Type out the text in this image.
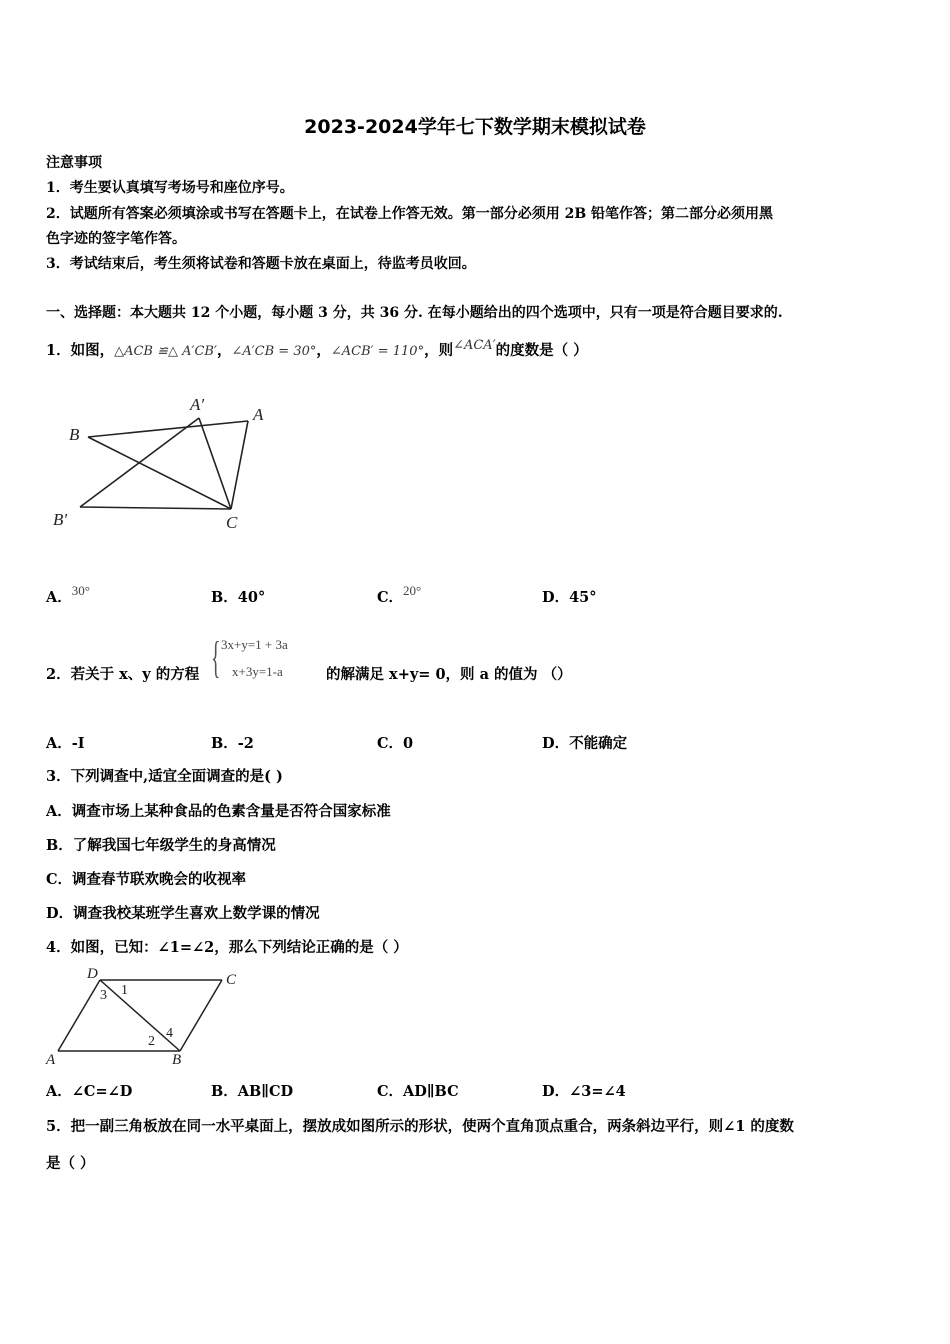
2023-2024学年七下数学期末模拟试卷
注意事项
1．考生要认真填写考场号和座位序号。
2．试题所有答案必须填涂或书写在答题卡上，在试卷上作答无效。第一部分必须用 2B 铅笔作答；第二部分必须用黑
色字迹的签字笔作答。
3．考试结束后，考生须将试卷和答题卡放在桌面上，待监考员收回。
一、选择题：本大题共 12 个小题，每小题 3 分，共 36 分. 在每小题给出的四个选项中，只有一项是符合题目要求的.
1．如图，△ACB ≌△ A′CB′，∠A′CB = 30°，∠ACB′ = 110°，则∠ACA′的度数是（ ）
A′
A
B
B′	C
A．30°	B．40°	C．20°	D．45°
2．若关于 x、y 的方程 { 3x+y=1 + 3a
x+3y=1-a	的解满足 x+y= 0，则 a 的值为 （）
A．-I	B．-2	C．0	D．不能确定
3．下列调查中,适宜全面调查的是( )
A．调查市场上某种食品的色素含量是否符合国家标准
B．了解我国七年级学生的身高情况
C．调查春节联欢晚会的收视率
D．调查我校某班学生喜欢上数学课的情况
4．如图，已知：∠1=∠2，那么下列结论正确的是（ ）
D	C
A	B
1
2
3
4
A．∠C=∠D	B．AB∥CD	C．AD∥BC	D．∠3=∠4
5．把一副三角板放在同一水平桌面上，摆放成如图所示的形状，使两个直角顶点重合，两条斜边平行，则∠1 的度数
是（ ）
